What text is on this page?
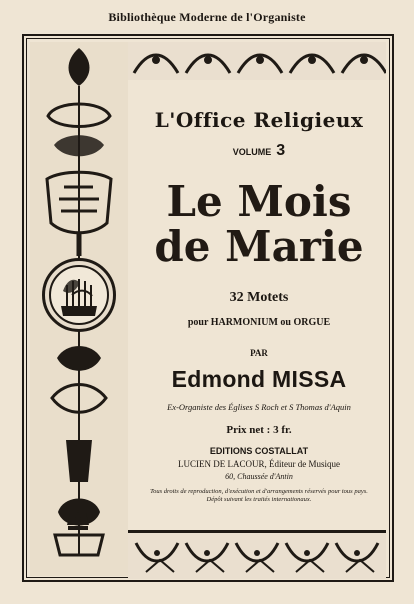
Bibliothèque Moderne de l'Organiste
L'Office Religieux
VOLUME 3
Le Mois
de Marie
32 Motets
pour HARMONIUM ou ORGUE
PAR
Edmond MISSA
Ex-Organiste des Églises S Roch et S Thomas d'Aquin
Prix net : 3 fr.
EDITIONS COSTALLAT
LUCIEN DE LACOUR, Éditeur de Musique
60, Chaussée d'Antin
Tous droits de reproduction, d'exécution et d'arrangements réservés pour tous pays. Dépôt suivant les traités internationaux.
